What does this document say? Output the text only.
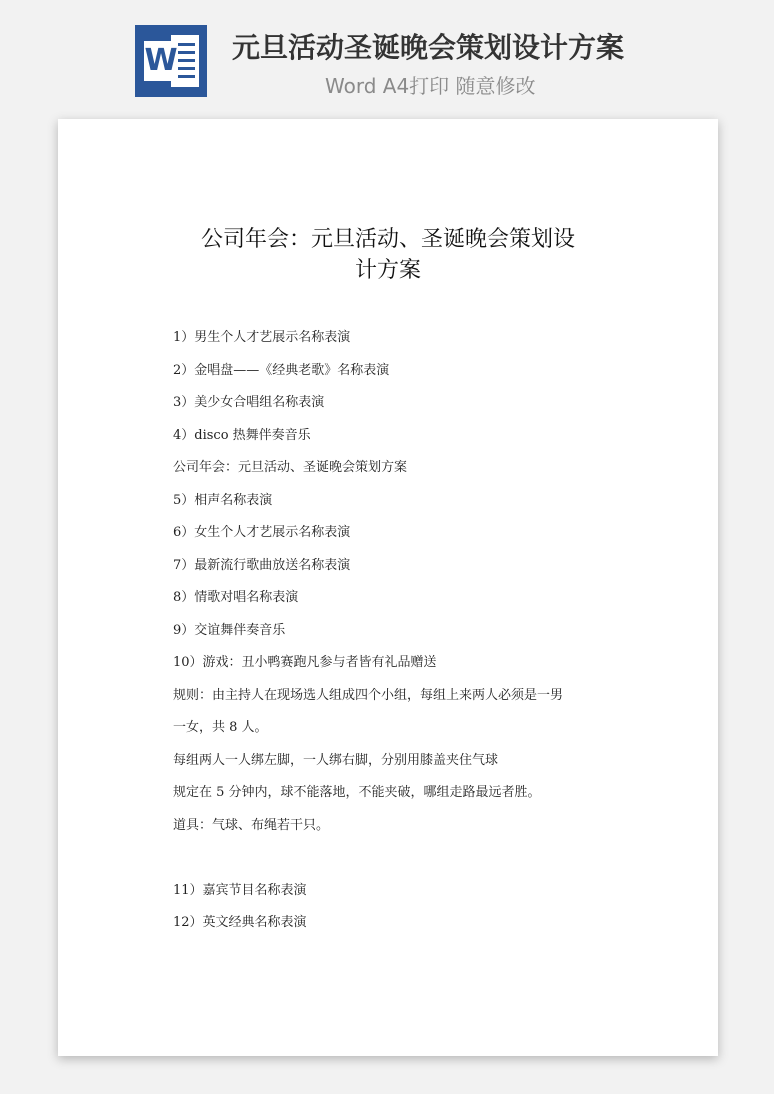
W 元旦活动圣诞晚会策划设计方案
Word A4打印 随意修改
公司年会：元旦活动、圣诞晚会策划设
计方案
1）男生个人才艺展示名称表演
2）金唱盘——《经典老歌》名称表演
3）美少女合唱组名称表演
4）disco 热舞伴奏音乐
公司年会：元旦活动、圣诞晚会策划方案
5）相声名称表演
6）女生个人才艺展示名称表演
7）最新流行歌曲放送名称表演
8）情歌对唱名称表演
9）交谊舞伴奏音乐
10）游戏：丑小鸭赛跑凡参与者皆有礼品赠送
规则：由主持人在现场选人组成四个小组，每组上来两人必须是一男
一女，共 8 人。
每组两人一人绑左脚，一人绑右脚，分别用膝盖夹住气球
规定在 5 分钟内，球不能落地，不能夹破，哪组走路最远者胜。
道具：气球、布绳若干只。
11）嘉宾节目名称表演
12）英文经典名称表演
